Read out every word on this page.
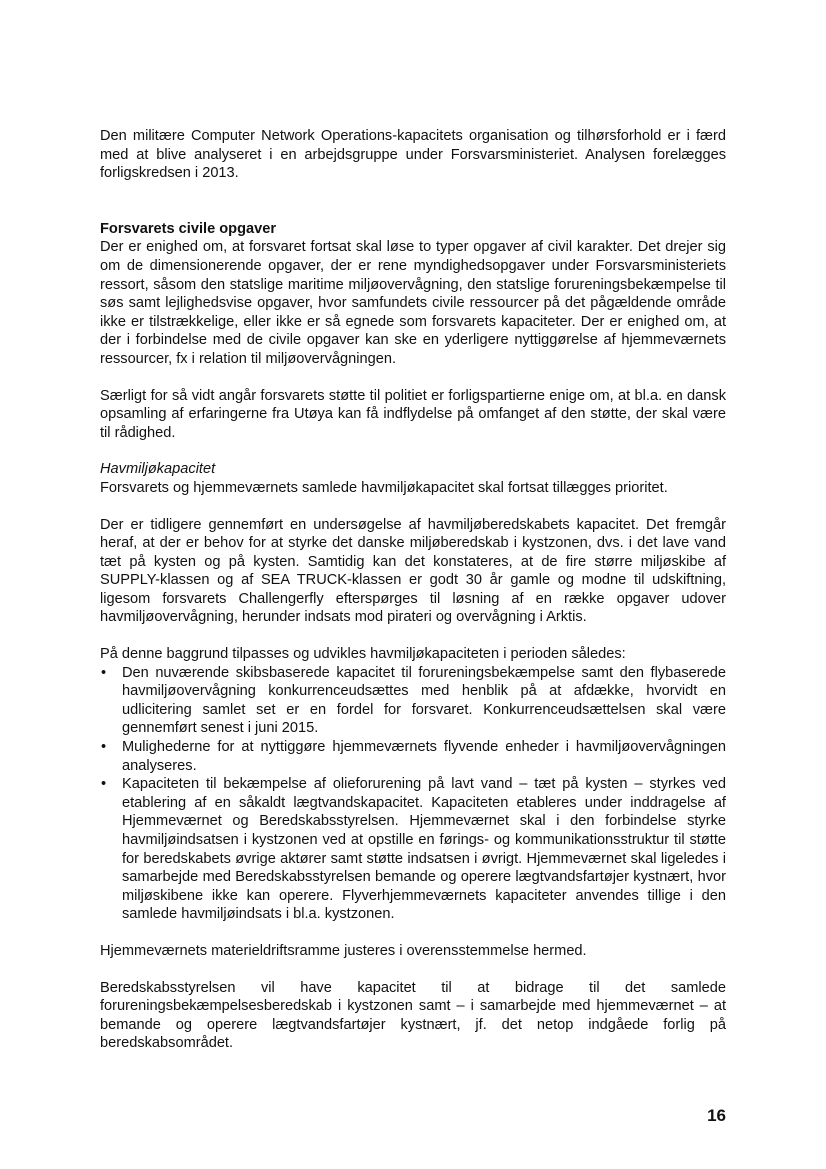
Den militære Computer Network Operations-kapacitets organisation og tilhørsforhold er i færd med at blive analyseret i en arbejdsgruppe under Forsvarsministeriet. Analysen forelægges forligskredsen i 2013.

Forsvarets civile opgaver

Der er enighed om, at forsvaret fortsat skal løse to typer opgaver af civil karakter. Det drejer sig om de dimensionerende opgaver, der er rene myndighedsopgaver under Forsvarsministeriets ressort, såsom den statslige maritime miljøovervågning, den statslige forureningsbekæmpelse til søs samt lejlighedsvise opgaver, hvor samfundets civile ressourcer på det pågældende område ikke er tilstrækkelige, eller ikke er så egnede som forsvarets kapaciteter. Der er enighed om, at der i forbindelse med de civile opgaver kan ske en yderligere nyttiggørelse af hjemmeværnets ressourcer, fx i relation til miljøovervågningen.

Særligt for så vidt angår forsvarets støtte til politiet er forligspartierne enige om, at bl.a. en dansk opsamling af erfaringerne fra Utøya kan få indflydelse på omfanget af den støtte, der skal være til rådighed.

Havmiljøkapacitet

Forsvarets og hjemmeværnets samlede havmiljøkapacitet skal fortsat tillægges prioritet.

Der er tidligere gennemført en undersøgelse af havmiljøberedskabets kapacitet. Det fremgår heraf, at der er behov for at styrke det danske miljøberedskab i kystzonen, dvs. i det lave vand tæt på kysten og på kysten. Samtidig kan det konstateres, at de fire større miljøskibe af SUPPLY-klassen og af SEA TRUCK-klassen er godt 30 år gamle og modne til udskiftning, ligesom forsvarets Challengerfly efterspørges til løsning af en række opgaver udover havmiljøovervågning, herunder indsats mod pirateri og overvågning i Arktis.

På denne baggrund tilpasses og udvikles havmiljøkapaciteten i perioden således:

• Den nuværende skibsbaserede kapacitet til forureningsbekæmpelse samt den flybaserede havmiljøovervågning konkurrenceudsættes med henblik på at afdække, hvorvidt en udlicitering samlet set er en fordel for forsvaret. Konkurrenceudsættelsen skal være gennemført senest i juni 2015.
• Mulighederne for at nyttiggøre hjemmeværnets flyvende enheder i havmiljøovervågningen analyseres.
• Kapaciteten til bekæmpelse af olieforurening på lavt vand – tæt på kysten – styrkes ved etablering af en såkaldt lægtvandskapacitet. Kapaciteten etableres under inddragelse af Hjemmeværnet og Beredskabsstyrelsen. Hjemmeværnet skal i den forbindelse styrke havmiljøindsatsen i kystzonen ved at opstille en førings- og kommunikationsstruktur til støtte for beredskabets øvrige aktører samt støtte indsatsen i øvrigt. Hjemmeværnet skal ligeledes i samarbejde med Beredskabsstyrelsen bemande og operere lægtvandsfartøjer kystnært, hvor miljøskibene ikke kan operere. Flyverhjemmeværnets kapaciteter anvendes tillige i den samlede havmiljøindsats i bl.a. kystzonen.

Hjemmeværnets materieldriftsramme justeres i overensstemmelse hermed.

Beredskabsstyrelsen vil have kapacitet til at bidrage til det samlede forureningsbekæmpelsesberedskab i kystzonen samt – i samarbejde med hjemmeværnet – at bemande og operere lægtvandsfartøjer kystnært, jf. det netop indgåede forlig på beredskabsområdet.

16
